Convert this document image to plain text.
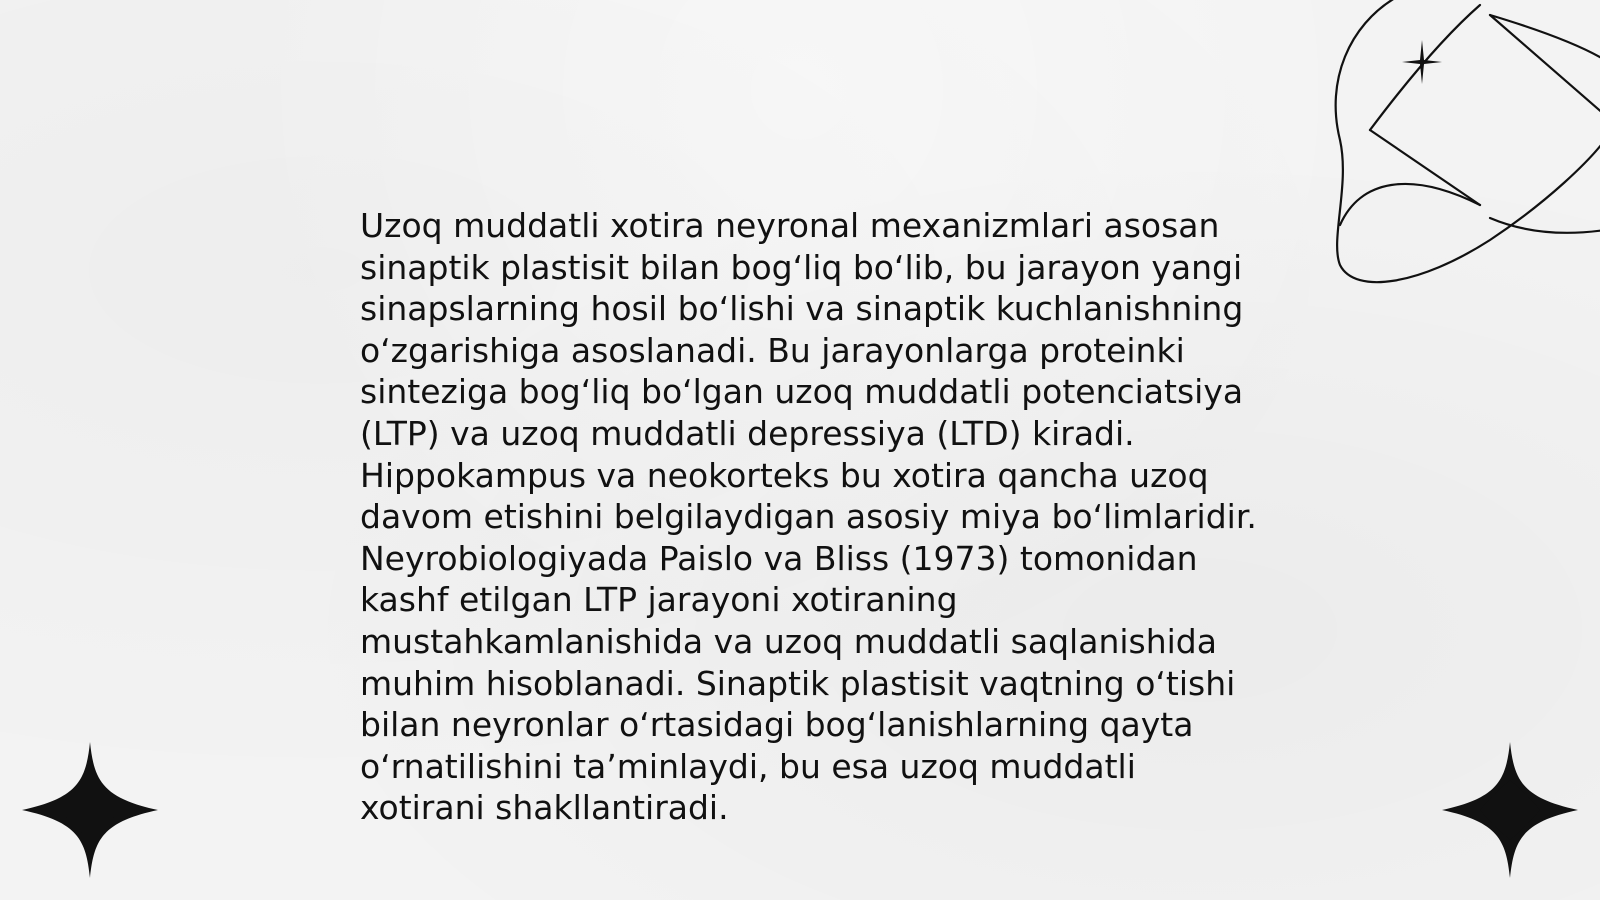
Uzoq muddatli xotira neyronal mexanizmlari asosan
sinaptik plastisit bilan bogʻliq boʻlib, bu jarayon yangi
sinapslarning hosil boʻlishi va sinaptik kuchlanishning
oʻzgarishiga asoslanadi. Bu jarayonlarga proteinki
sinteziga bogʻliq boʻlgan uzoq muddatli potenciatsiya
(LTP) va uzoq muddatli depressiya (LTD) kiradi.
Hippokampus va neokorteks bu xotira qancha uzoq
davom etishini belgilaydigan asosiy miya boʻlimlaridir.
Neyrobiologiyada Paislo va Bliss (1973) tomonidan
kashf etilgan LTP jarayoni xotiraning
mustahkamlanishida va uzoq muddatli saqlanishida
muhim hisoblanadi. Sinaptik plastisit vaqtning oʻtishi
bilan neyronlar oʻrtasidagi bogʻlanishlarning qayta
oʻrnatilishini taʼminlaydi, bu esa uzoq muddatli
xotirani shakllantiradi.
